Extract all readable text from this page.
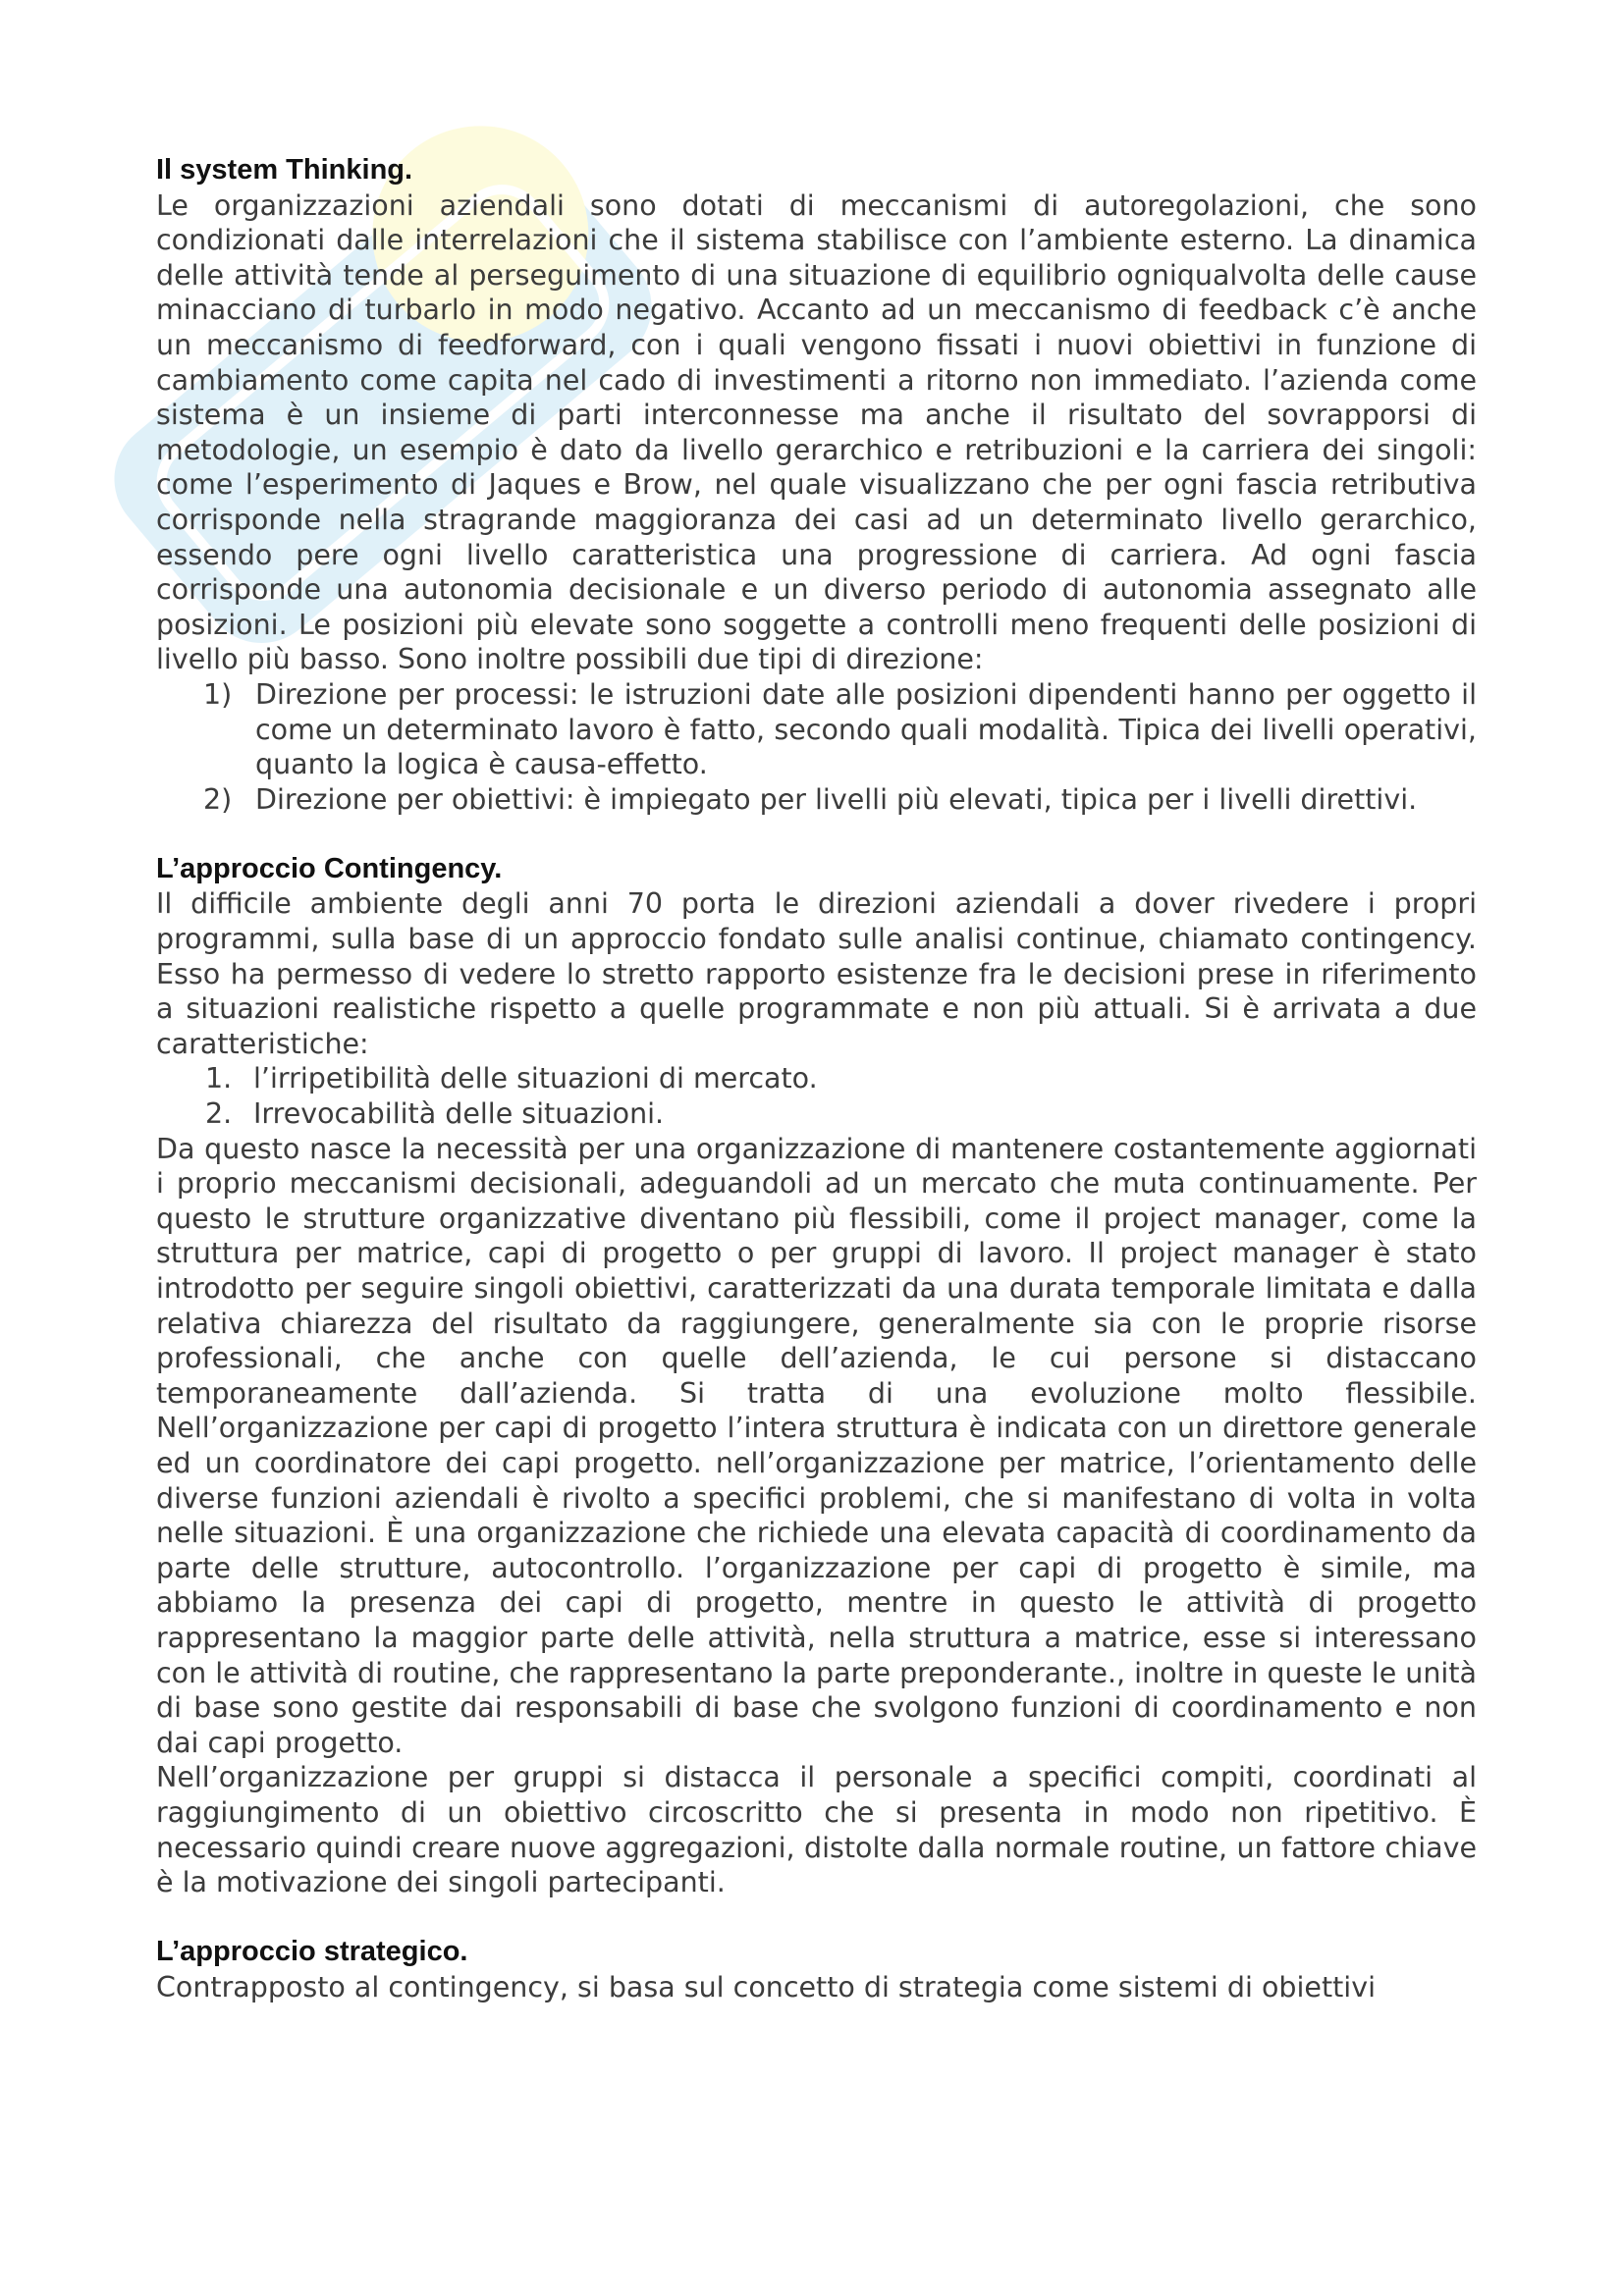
Il system Thinking.

Le organizzazioni aziendali sono dotati di meccanismi di autoregolazioni, che sono condizionati dalle interrelazioni che il sistema stabilisce con l’ambiente esterno. La dinamica delle attività tende al perseguimento di una situazione di equilibrio ogniqualvolta delle cause minacciano di turbarlo in modo negativo. Accanto ad un meccanismo di feedback c’è anche un meccanismo di feedforward, con i quali vengono fissati i nuovi obiettivi in funzione di cambiamento come capita nel cado di investimenti a ritorno non immediato. l’azienda come sistema è un insieme di parti interconnesse ma anche il risultato del sovrapporsi di metodologie, un esempio è dato da livello gerarchico e retribuzioni e la carriera dei singoli: come l’esperimento di Jaques e Brow, nel quale visualizzano che per ogni fascia retributiva corrisponde nella stragrande maggioranza dei casi ad un determinato livello gerarchico, essendo pere ogni livello caratteristica una progressione di carriera. Ad ogni fascia corrisponde una autonomia decisionale e un diverso periodo di autonomia assegnato alle posizioni. Le posizioni più elevate sono soggette a controlli meno frequenti delle posizioni di livello più basso. Sono inoltre possibili due tipi di direzione:

1) Direzione per processi: le istruzioni date alle posizioni dipendenti hanno per oggetto il come un determinato lavoro è fatto, secondo quali modalità. Tipica dei livelli operativi, quanto la logica è causa-effetto.
2) Direzione per obiettivi: è impiegato per livelli più elevati, tipica per i livelli direttivi.
L’approccio Contingency.

Il difficile ambiente degli anni 70 porta le direzioni aziendali a dover rivedere i propri programmi, sulla base di un approccio fondato sulle analisi continue, chiamato contingency. Esso ha permesso di vedere lo stretto rapporto esistenze fra le decisioni prese in riferimento a situazioni realistiche rispetto a quelle programmate e non più attuali. Si è arrivata a due caratteristiche:

1. l’irripetibilità delle situazioni di mercato.
2. Irrevocabilità delle situazioni.

Da questo nasce la necessità per una organizzazione di mantenere costantemente aggiornati i proprio meccanismi decisionali, adeguandoli ad un mercato che muta continuamente. Per questo le strutture organizzative diventano più flessibili, come il project manager, come la struttura per matrice, capi di progetto o per gruppi di lavoro. Il project manager è stato introdotto per seguire singoli obiettivi, caratterizzati da una durata temporale limitata e dalla relativa chiarezza del risultato da raggiungere, generalmente sia con le proprie risorse professionali, che anche con quelle dell’azienda, le cui persone si distaccano temporaneamente dall’azienda. Si tratta di una evoluzione molto flessibile. Nell’organizzazione per capi di progetto l’intera struttura è indicata con un direttore generale ed un coordinatore dei capi progetto. nell’organizzazione per matrice, l’orientamento delle diverse funzioni aziendali è rivolto a specifici problemi, che si manifestano di volta in volta nelle situazioni. È una organizzazione che richiede una elevata capacità di coordinamento da parte delle strutture, autocontrollo. l’organizzazione per capi di progetto è simile, ma abbiamo la presenza dei capi di progetto, mentre in questo le attività di progetto rappresentano la maggior parte delle attività, nella struttura a matrice, esse si interessano con le attività di routine, che rappresentano la parte preponderante., inoltre in queste le unità di base sono gestite dai responsabili di base che svolgono funzioni di coordinamento e non dai capi progetto.

Nell’organizzazione per gruppi si distacca il personale a specifici compiti, coordinati al raggiungimento di un obiettivo circoscritto che si presenta in modo non ripetitivo. È necessario quindi creare nuove aggregazioni, distolte dalla normale routine, un fattore chiave è la motivazione dei singoli partecipanti.

L’approccio strategico.

Contrapposto al contingency, si basa sul concetto di strategia come sistemi di obiettivi
